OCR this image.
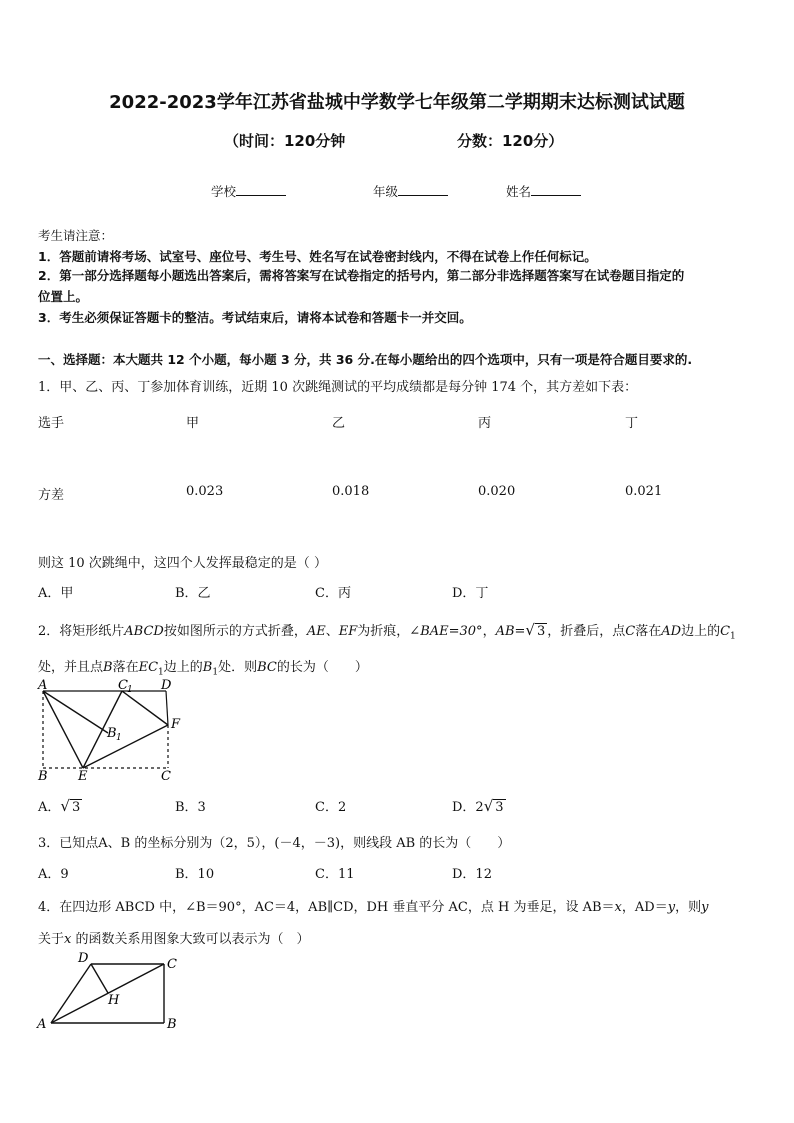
2022-2023学年江苏省盐城中学数学七年级第二学期期末达标测试试题
（时间：120分钟	分数：120分）
学校	年级	姓名
考生请注意：
1．答题前请将考场、试室号、座位号、考生号、姓名写在试卷密封线内，不得在试卷上作任何标记。
2．第一部分选择题每小题选出答案后，需将答案写在试卷指定的括号内，第二部分非选择题答案写在试卷题目指定的
位置上。
3．考生必须保证答题卡的整洁。考试结束后，请将本试卷和答题卡一并交回。
一、选择题：本大题共 12 个小题，每小题 3 分，共 36 分.在每小题给出的四个选项中，只有一项是符合题目要求的.
1．甲、乙、丙、丁参加体育训练，近期 10 次跳绳测试的平均成绩都是每分钟 174 个，其方差如下表：
选手	甲	乙	丙	丁
方差	0.023	0.018	0.020	0.021
则这 10 次跳绳中，这四个人发挥最稳定的是（ ）
A．甲	B．乙	C．丙	D．丁
2．将矩形纸片ABCD按如图所示的方式折叠，AE、EF为折痕，∠BAE=30°，AB=√ 3 ，折叠后，点C落在AD边上的$C_1$
处，并且点B落在$EC_1$边上的$B_1$处．则BC的长为（　　）
A	C 1 D
F
B 1
B E	C
A．√ 3	B．3	C．2	D．2√ 3
3．已知点A、B 的坐标分别为（2，5），(－4，－3)，则线段 AB 的长为（　　）
A．9	B．10	C．11	D．12
4．在四边形 ABCD 中，∠B＝90°，AC＝4，AB∥CD，DH 垂直平分 AC，点 H 为垂足，设 AB＝x，AD＝y，则y
关于x 的函数关系用图象大致可以表示为（　）
D	C
H
A	B
